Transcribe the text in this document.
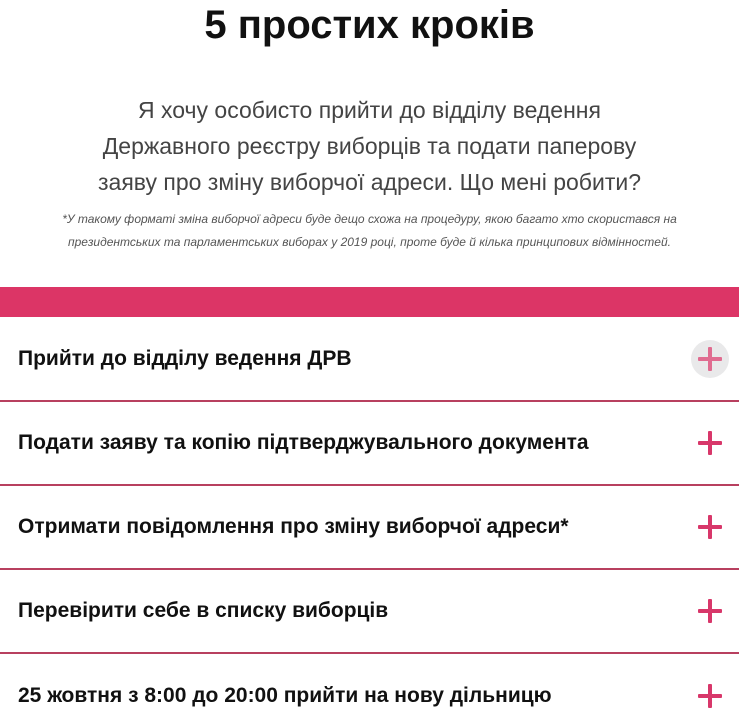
5 простих кроків

Я хочу особисто прийти до відділу ведення
Державного реєстру виборців та подати паперову
заяву про зміну виборчої адреси. Що мені робити?

*У такому форматі зміна виборчої адреси буде дещо схожа на процедуру, якою багато хто скористався на
президентських та парламентських виборах у 2019 році, проте буде й кілька принципових відмінностей.

Прийти до відділу ведення ДРВ
Подати заяву та копію підтверджувального документа
Отримати повідомлення про зміну виборчої адреси*
Перевірити себе в списку виборців
25 жовтня з 8:00 до 20:00 прийти на нову дільницю
